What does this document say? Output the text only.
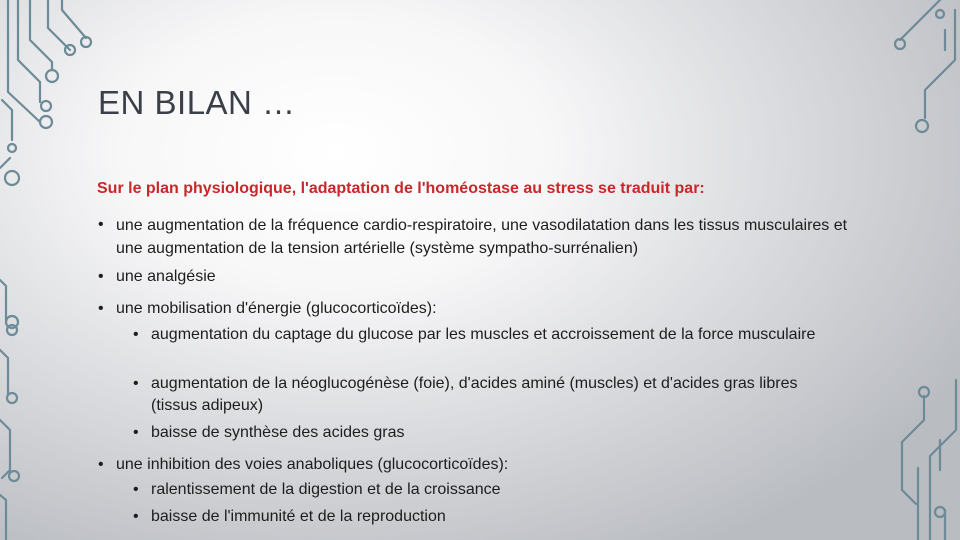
EN BILAN …
Sur le plan physiologique, l'adaptation de l'homéostase au stress se traduit par:
• une augmentation de la fréquence cardio-respiratoire, une vasodilatation dans les tissus musculaires et une augmentation de la tension artérielle (système sympatho-surrénalien)
• une analgésie
• une mobilisation d'énergie (glucocorticoïdes):
• augmentation du captage du glucose par les muscles et accroissement de la force musculaire
• augmentation de la néoglucogénèse (foie), d'acides aminé (muscles) et d'acides gras libres (tissus adipeux)
• baisse de synthèse des acides gras
• une inhibition des voies anaboliques (glucocorticoïdes):
• ralentissement de la digestion et de la croissance
• baisse de l'immunité et de la reproduction
